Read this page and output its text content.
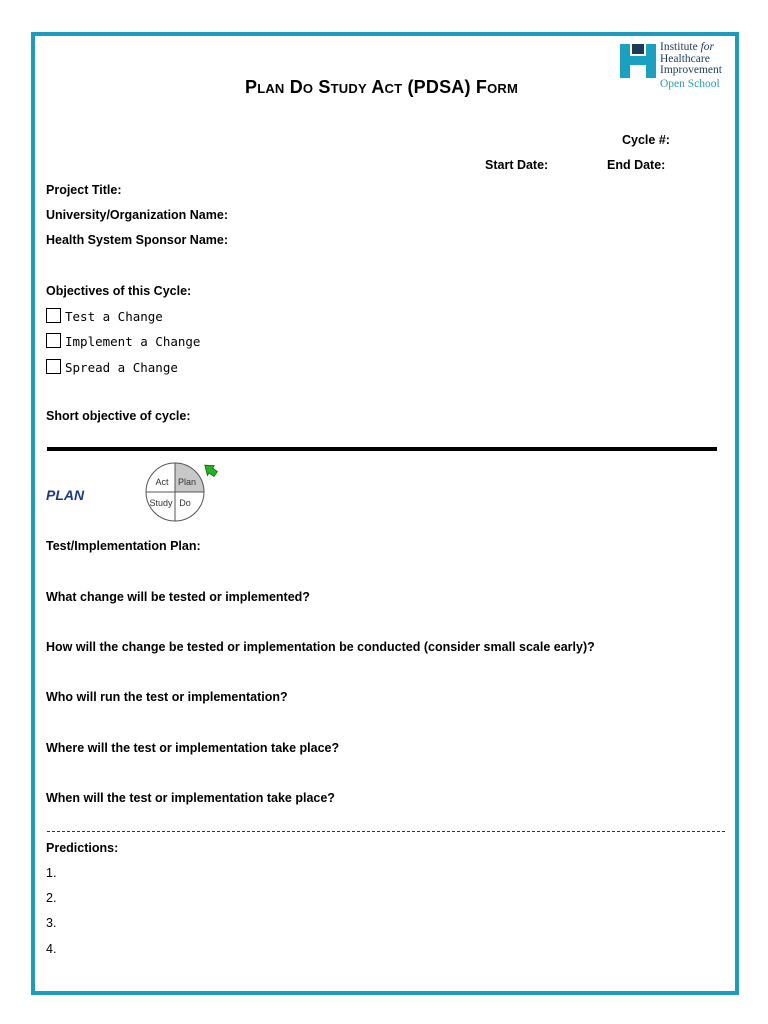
Plan Do Study Act (PDSA) Form
Institute for
Healthcare
Improvement
Open School
Cycle #:
Start Date:	End Date:
Project Title:
University/Organization Name:
Health System Sponsor Name:
Objectives of this Cycle:
Test a Change
Implement a Change
Spread a Change
Short objective of cycle:
PLAN
Act Plan
Study Do
Test/Implementation Plan:
What change will be tested or implemented?
How will the change be tested or implementation be conducted (consider small scale early)?
Who will run the test or implementation?
Where will the test or implementation take place?
When will the test or implementation take place?
Predictions:
1.
2.
3.
4.
